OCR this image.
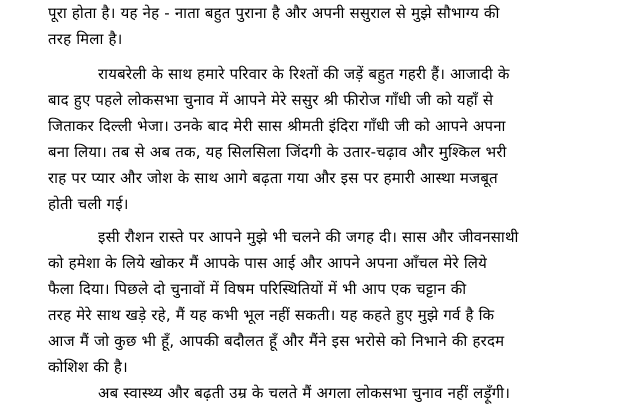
पूरा होता है। यह नेह - नाता बहुत पुराना है और अपनी ससुराल से मुझे सौभाग्य की
तरह मिला है।
रायबरेली के साथ हमारे परिवार के रिश्तों की जड़ें बहुत गहरी हैं। आजादी के
बाद हुए पहले लोकसभा चुनाव में आपने मेरे ससुर श्री फीरोज गाँधी जी को यहाँ से
जिताकर दिल्ली भेजा। उनके बाद मेरी सास श्रीमती इंदिरा गाँधी जी को आपने अपना
बना लिया। तब से अब तक, यह सिलसिला जिंदगी के उतार-चढ़ाव और मुश्किल भरी
राह पर प्यार और जोश के साथ आगे बढ़ता गया और इस पर हमारी आस्था मजबूत
होती चली गई।
इसी रौशन रास्ते पर आपने मुझे भी चलने की जगह दी। सास और जीवनसाथी
को हमेशा के लिये खोकर मैं आपके पास आई और आपने अपना आँचल मेरे लिये
फैला दिया। पिछले दो चुनावों में विषम परिस्थितियों में भी आप एक चट्टान की
तरह मेरे साथ खड़े रहे, मैं यह कभी भूल नहीं सकती। यह कहते हुए मुझे गर्व है कि
आज मैं जो कुछ भी हूँ, आपकी बदौलत हूँ और मैंने इस भरोसे को निभाने की हरदम
कोशिश की है।
अब स्वास्थ्य और बढ़ती उम्र के चलते मैं अगला लोकसभा चुनाव नहीं लड़ूँगी।
